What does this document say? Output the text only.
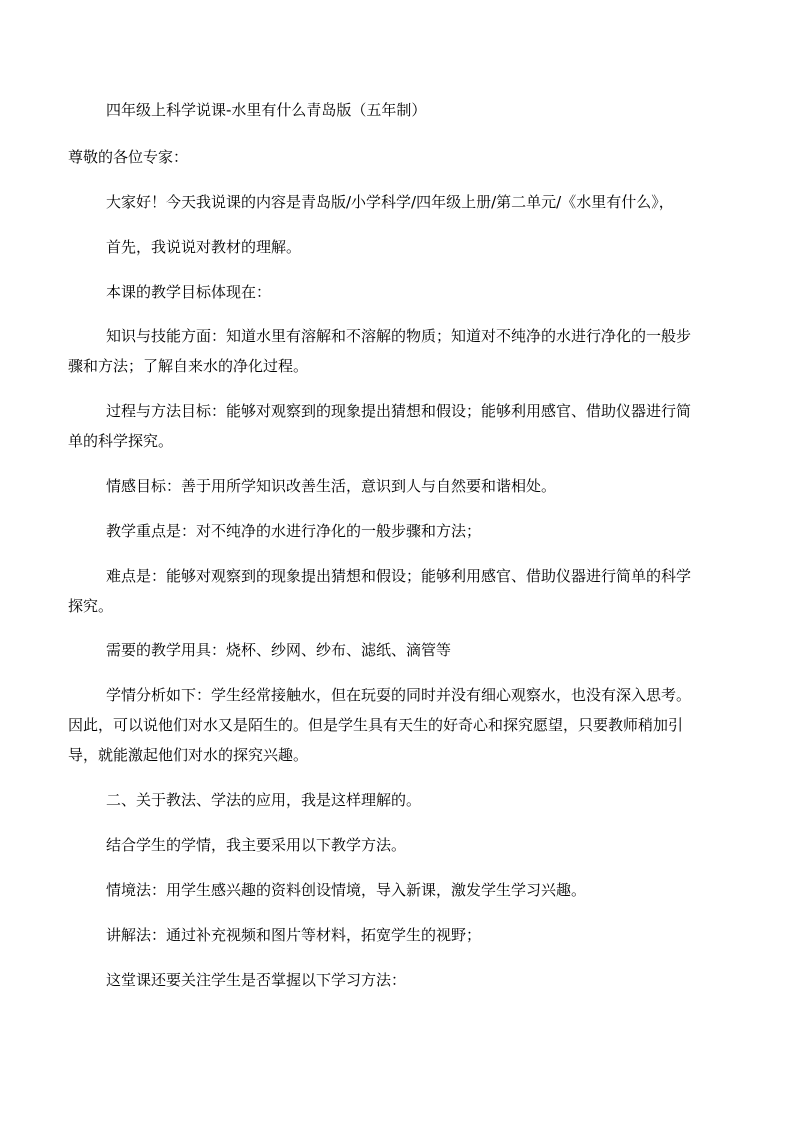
四年级上科学说课-水里有什么青岛版（五年制）

尊敬的各位专家：

大家好！今天我说课的内容是青岛版/小学科学/四年级上册/第二单元/《水里有什么》，

首先，我说说对教材的理解。

本课的教学目标体现在：

知识与技能方面：知道水里有溶解和不溶解的物质；知道对不纯净的水进行净化的一般步

骤和方法；了解自来水的净化过程。

过程与方法目标：能够对观察到的现象提出猜想和假设；能够利用感官、借助仪器进行简

单的科学探究。

情感目标：善于用所学知识改善生活，意识到人与自然要和谐相处。

教学重点是：对不纯净的水进行净化的一般步骤和方法；

难点是：能够对观察到的现象提出猜想和假设；能够利用感官、借助仪器进行简单的科学

探究。

需要的教学用具：烧杯、纱网、纱布、滤纸、滴管等

学情分析如下：学生经常接触水，但在玩耍的同时并没有细心观察水，也没有深入思考。

因此，可以说他们对水又是陌生的。但是学生具有天生的好奇心和探究愿望，只要教师稍加引

导，就能激起他们对水的探究兴趣。

二、关于教法、学法的应用，我是这样理解的。

结合学生的学情，我主要采用以下教学方法。

情境法：用学生感兴趣的资料创设情境，导入新课，激发学生学习兴趣。

讲解法：通过补充视频和图片等材料，拓宽学生的视野；

这堂课还要关注学生是否掌握以下学习方法：
